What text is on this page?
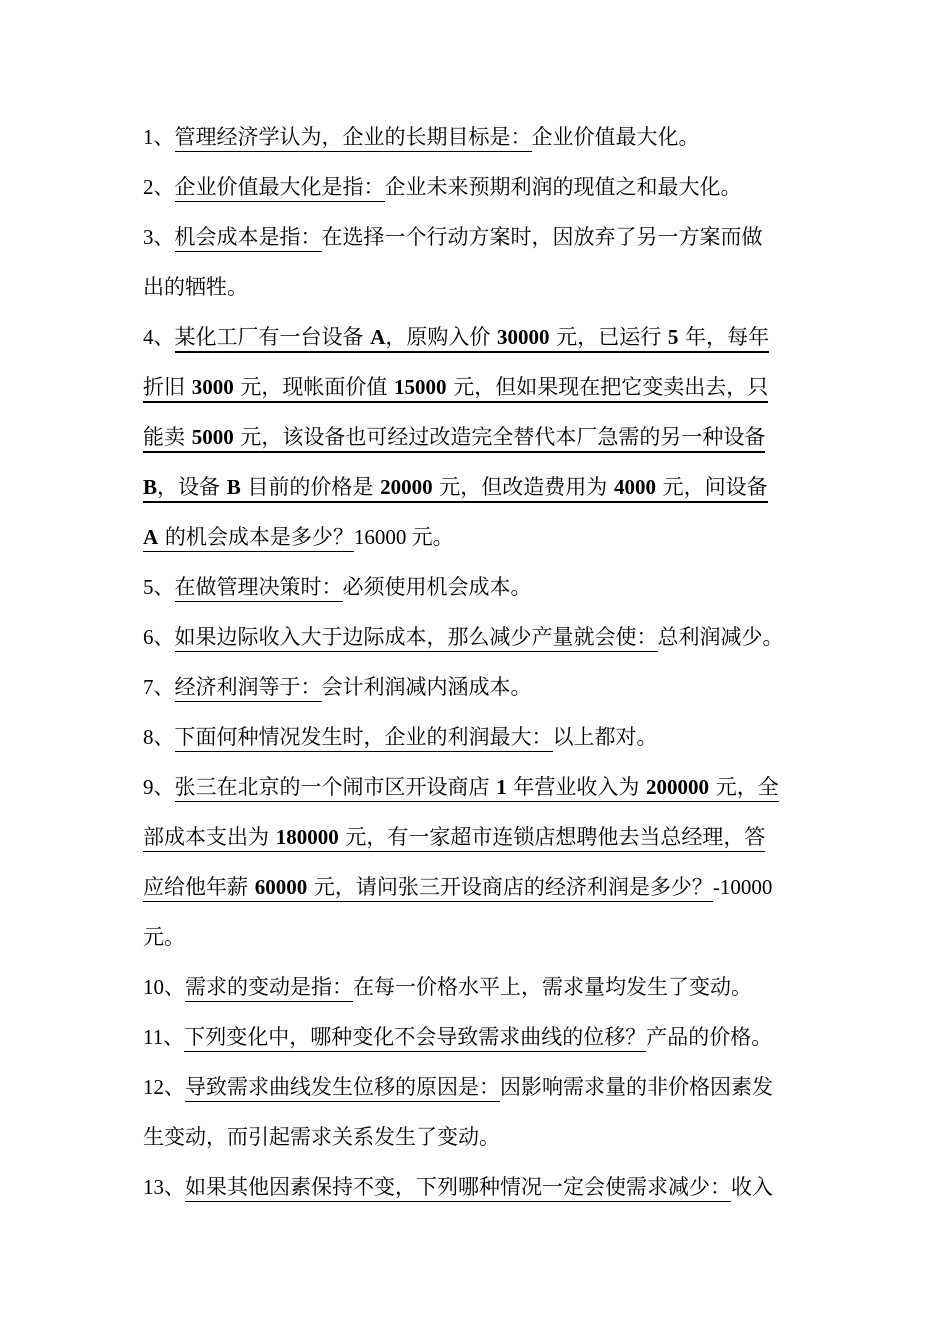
1、管理经济学认为，企业的长期目标是：企业价值最大化。
2、企业价值最大化是指：企业未来预期利润的现值之和最大化。
3、机会成本是指：在选择一个行动方案时，因放弃了另一方案而做
出的牺牲。
4、某化工厂有一台设备 A，原购入价 30000 元，已运行 5 年，每年
折旧 3000 元，现帐面价值 15000 元，但如果现在把它变卖出去，只
能卖 5000 元，该设备也可经过改造完全替代本厂急需的另一种设备
B，设备 B 目前的价格是 20000 元，但改造费用为 4000 元，问设备
A 的机会成本是多少？16000 元。
5、在做管理决策时：必须使用机会成本。
6、如果边际收入大于边际成本，那么减少产量就会使：总利润减少。
7、经济利润等于：会计利润减内涵成本。
8、下面何种情况发生时，企业的利润最大：以上都对。
9、张三在北京的一个闹市区开设商店 1 年营业收入为 200000 元，全
部成本支出为 180000 元，有一家超市连锁店想聘他去当总经理，答
应给他年薪 60000 元，请问张三开设商店的经济利润是多少？-10000
元。
10、需求的变动是指：在每一价格水平上，需求量均发生了变动。
11、下列变化中，哪种变化不会导致需求曲线的位移？产品的价格。
12、导致需求曲线发生位移的原因是：因影响需求量的非价格因素发
生变动，而引起需求关系发生了变动。
13、如果其他因素保持不变，下列哪种情况一定会使需求减少：收入
